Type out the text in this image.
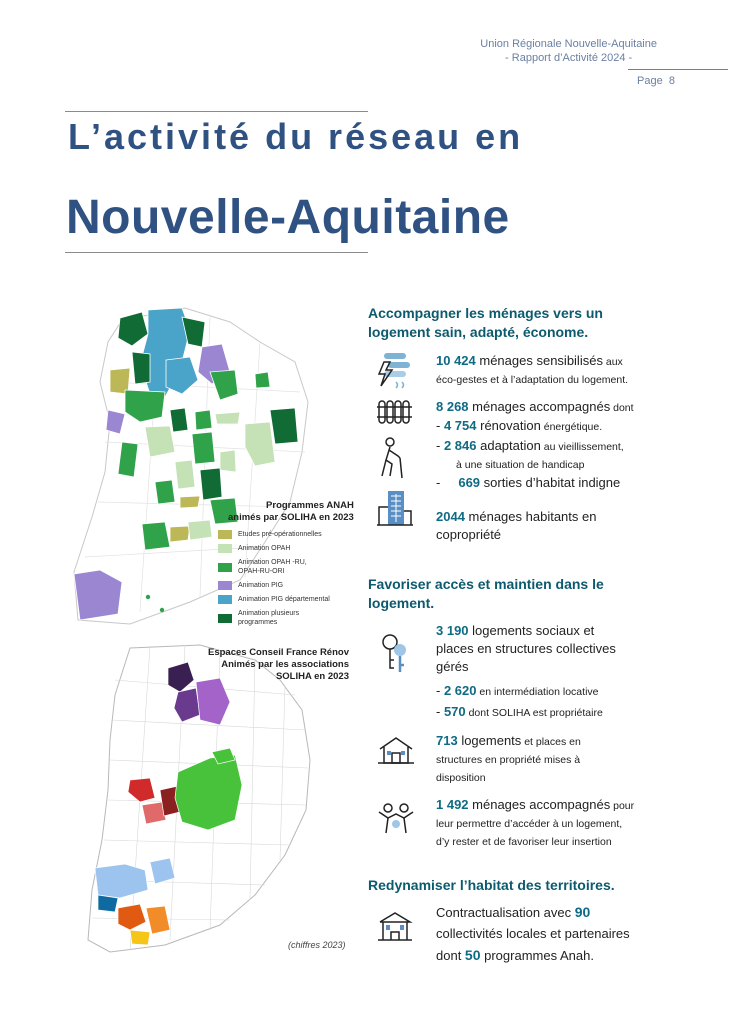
Union Régionale Nouvelle-Aquitaine
- Rapport d’Activité 2024 -
Page 8
L’activité du réseau en
Nouvelle-Aquitaine
Programmes ANAH
animés par SOLIHA en 2023
Etudes pré-opérationnelles
Animation OPAH
Animation OPAH -RU, OPAH-RU-ORI
Animation PIG
Animation PIG départemental
Animation plusieurs programmes
Espaces Conseil France Rénov
Animés par les associations
SOLIHA en 2023
(chiffres 2023)
Accompagner les ménages vers un
logement sain, adapté, économe.
10 424 ménages sensibilisés aux
éco-gestes et à l’adaptation du logement.
8 268 ménages accompagnés dont
- 4 754 rénovation énergétique.
- 2 846 adaptation au vieillissement,
à une situation de handicap
- 669 sorties d’habitat indigne
2044 ménages habitants en
copropriété
Favoriser accès et maintien dans le
logement.
3 190 logements sociaux et
places en structures collectives
gérés
- 2 620 en intermédiation locative
- 570 dont SOLIHA est propriétaire
713 logements et places en
structures en propriété mises à
disposition
1 492 ménages accompagnés pour
leur permettre d’accéder à un logement,
d’y rester et de favoriser leur insertion
Redynamiser l’habitat des territoires.
Contractualisation avec 90
collectivités locales et partenaires
dont 50 programmes Anah.
